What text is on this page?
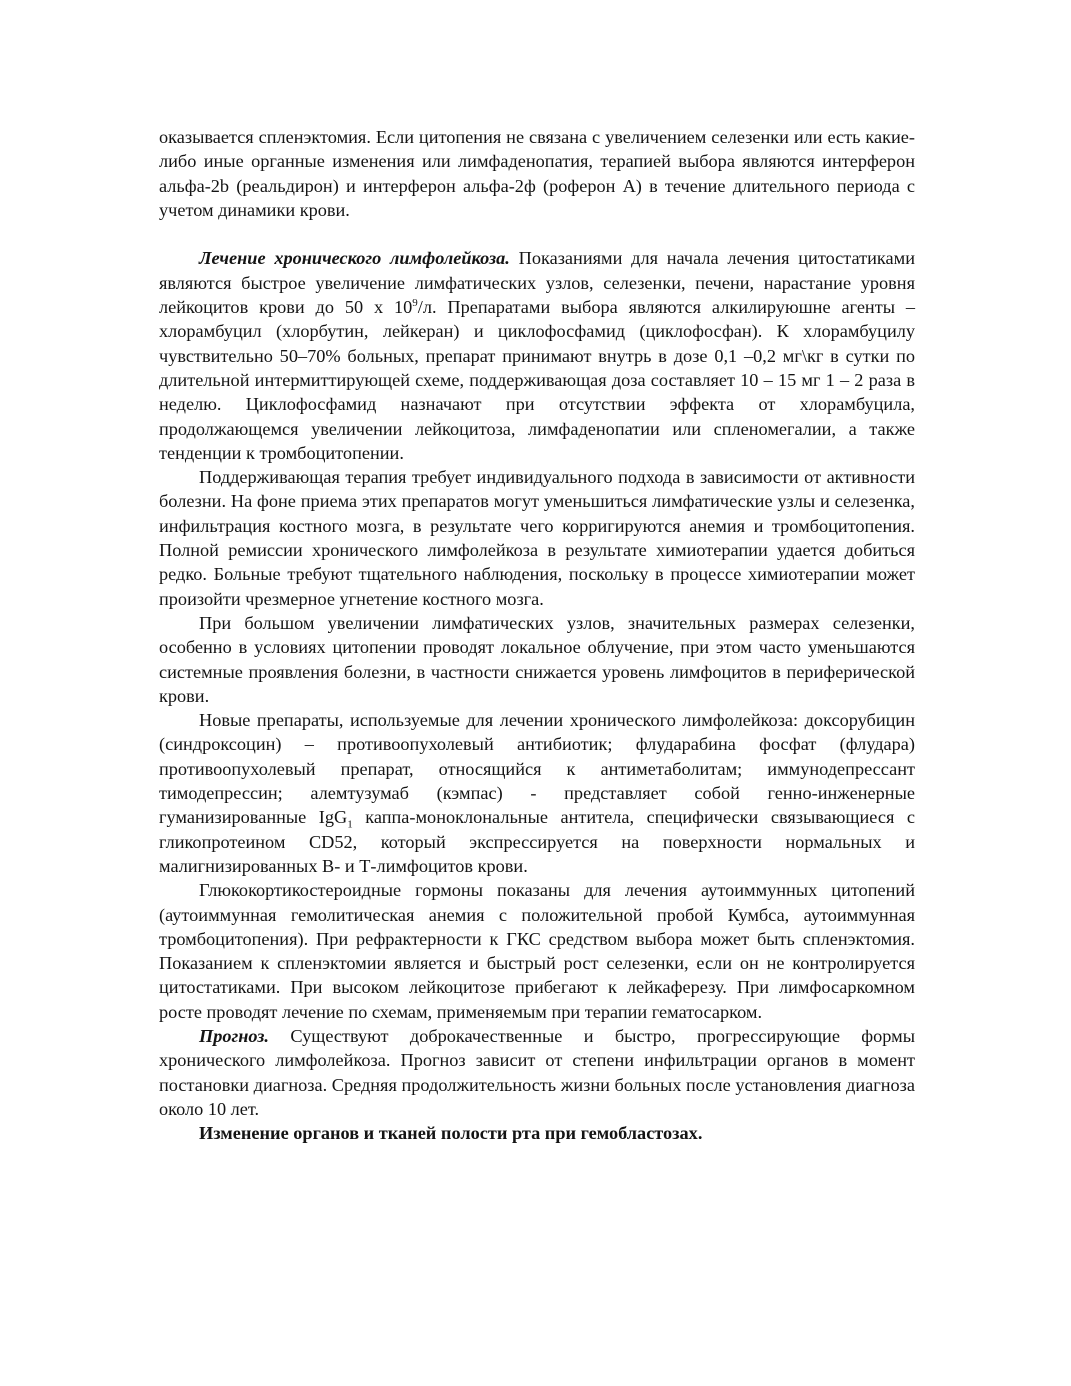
оказывается спленэктомия. Если цитопения не связана с увеличением селезенки или есть какие-либо иные органные изменения или лимфаденопатия, терапией выбора являются интерферон альфа-2b (реальдирон) и интерферон альфа-2ф (роферон А) в течение длительного периода с учетом динамики крови.

Лечение хронического лимфолейкоза. Показаниями для начала лечения цитостатиками являются быстрое увеличение лимфатических узлов, селезенки, печени, нарастание уровня лейкоцитов крови до 50 х $10^9/л$. Препаратами выбора являются алкилируюшне агенты – хлорамбуцил (хлорбутин, лейкеран) и циклофосфамид (циклофосфан). К хлорамбуцилу чувствительно 50–70% больных, препарат принимают внутрь в дозе 0,1 –0,2 мг\кг в сутки по длительной интермиттирующей схеме, поддерживающая доза составляет 10 – 15 мг 1 – 2 раза в неделю. Циклофосфамид назначают при отсутствии эффекта от хлорамбуцила, продолжающемся увеличении лейкоцитоза, лимфаденопатии или спленомегалии, а также тенденции к тромбоцитопении.

Поддерживающая терапия требует индивидуального подхода в зависимости от активности болезни. На фоне приема этих препаратов могут уменьшиться лимфатические узлы и селезенка, инфильтрация костного мозга, в результате чего корригируются анемия и тромбоцитопения. Полной ремиссии хронического лимфолейкоза в результате химиотерапии удается добиться редко. Больные требуют тщательного наблюдения, поскольку в процессе химиотерапии может произойти чрезмерное угнетение костного мозга.

При большом увеличении лимфатических узлов, значительных размерах селезенки, особенно в условиях цитопении проводят локальное облучение, при этом часто уменьшаются системные проявления болезни, в частности снижается уровень лимфоцитов в периферической крови.

Новые препараты, используемые для лечении хронического лимфолейкоза: доксорубицин (синдроксоцин) – противоопухолевый антибиотик; флударабина фосфат (флудара) противоопухолевый препарат, относящийся к антиметаболитам; иммунодепрессант тимодепрессин; алемтузумаб (кэмпас) - представляет собой генно-инженерные гуманизированные IgG$_1$ каппа-моноклональные антитела, специфически связывающиеся с гликопротеином CD52, который экспрессируется на поверхности нормальных и малигнизированных В- и Т-лимфоцитов крови.

Глюкокортикостероидные гормоны показаны для лечения аутоиммунных цитопений (аутоиммунная гемолитическая анемия с положительной пробой Кумбса, аутоиммунная тромбоцитопения). При рефрактерности к ГКС средством выбора может быть спленэктомия. Показанием к спленэктомии является и быстрый рост селезенки, если он не контролируется цитостатиками. При высоком лейкоцитозе прибегают к лейкаферезу. При лимфосаркомном росте проводят лечение по схемам, применяемым при терапии гематосарком.

Прогноз. Существуют доброкачественные и быстро, прогрессирующие формы хронического лимфолейкоза. Прогноз зависит от степени инфильтрации органов в момент постановки диагноза. Средняя продолжительность жизни больных после установления диагноза около 10 лет.

Изменение органов и тканей полости рта при гемобластозах.
